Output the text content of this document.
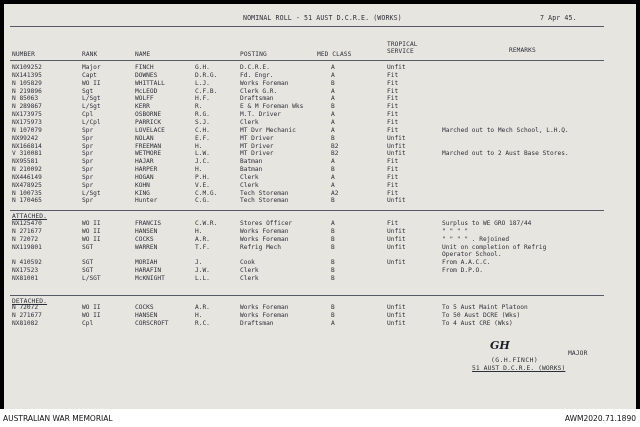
NOMINAL ROLL - 51 AUST D.C.R.E. (WORKS)	7 Apr 45.
NUMBER	RANK	NAME	POSTING	MED CLASS
TROPICAL
SERVICE	REMARKS
NX109252	Major	FINCH	G.H.	D.C.R.E.	A	Unfit
NX141395	Capt	DOWNES	D.R.G.	Fd. Engr.	A	Fit
N 105829	WO II	WHITTALL	L.J.	Works Foreman	B	Fit
N 219896	Sgt	McLEOD	C.F.B.	Clerk G.R.	A	Fit
N 85063	L/Sgt	WOLFF	H.F.	Draftsman	A	Fit
N 289867	L/Sgt	KERR	R.	E & M Foreman Wks	B	Fit
NX173975	Cpl	OSBORNE	R.G.	M.T. Driver	A	Fit
NX175973	L/Cpl	PARRICK	S.J.	Clerk	A	Fit
N 107079	Spr	LOVELACE	C.H.	MT Dvr Mechanic	A	Fit	Marched out to Mech School, L.H.Q.
NX99242	Spr	NOLAN	E.F.	MT Driver	B	Unfit
NX166814	Spr	FREEMAN	H.	MT Driver	B2	Unfit
V 310081	Spr	WETMORE	L.W.	MT Driver	B2	Unfit	Marched out to 2 Aust Base Stores.
NX95581	Spr	HAJAR	J.C.	Batman	A	Fit
N 210092	Spr	HARPER	H.	Batman	B	Fit
NX446149	Spr	HOGAN	P.H.	Clerk	A	Fit
NX478925	Spr	KOHN	V.E.	Clerk	A	Fit
N 100735	L/Sgt	KING	C.M.G.	Tech Storeman	A2	Fit
N 170465	Spr	Hunter	C.G.	Tech Storeman	B	Unfit
ATTACHED.
NX125470	WO II	FRANCIS	C.W.R.	Stores Officer	A	Fit	Surplus to WE GRO 187/44
N 271677	WO II	HANSEN	H.	Works Foreman	B	Unfit	" " " "
N 72072	WO II	COCKS	A.R.	Works Foreman	B	Unfit	" " " " . Rejoined
NX119801	SGT	WARREN	T.F.	Refrig Mech	B	Unfit	Unit on completion of Refrig
Operator School.
N 410592	SGT	MORIAH	J.	Cook	B	Unfit	From A.A.C.C.
NX17523	SGT	HARAFIN	J.W.	Clerk	B	From D.P.O.
NX81001	L/SGT	McKNIGHT	L.L.	Clerk	B
DETACHED.
N 72072	WO II	COCKS	A.R.	Works Foreman	B	Unfit	To 5 Aust Maint Platoon
N 271677	WO II	HANSEN	H.	Works Foreman	B	Unfit	To 50 Aust DCRE (Wks)
NX81082	Cpl	CORSCROFT	R.C.	Draftsman	A	Unfit	To 4 Aust CRE (Wks)
GH
MAJOR
(G.H.FINCH)
51 AUST D.C.R.E. (WORKS)
AUSTRALIAN WAR MEMORIAL	AWM2020.71.1890
